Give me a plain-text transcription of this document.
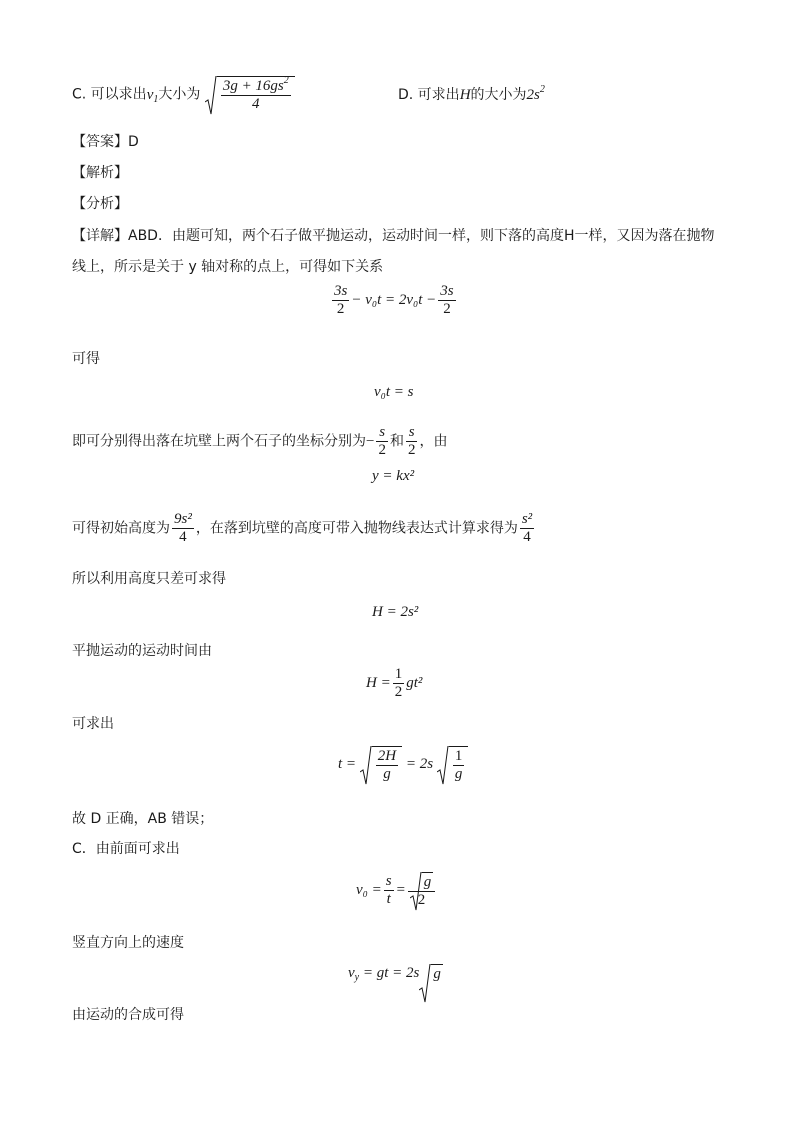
C. 可以求出$v_1$大小为 $\frac{3g + 16gs^2}{4}$	D. 可求出H的大小为$2s^2$
【答案】D
【解析】
【分析】
【详解】ABD．由题可知，两个石子做平抛运动，运动时间一样，则下落的高度H一样，又因为落在抛物
线上，所示是关于 y 轴对称的点上，可得如下关系
$\frac{3s}{2} - v_0t = 2v_0t - \frac{3s}{2}$
可得
v₀t = s
即可分别得出落在坑壁上两个石子的坐标分别为− $\frac{s}{2}$ 和 $\frac{s}{2}$ ，由
y = kx²
可得初始高度为 $\frac{\text{9s²}}{4}$ ，在落到坑壁的高度可带入抛物线表达式计算求得为 $\frac{\text{s²}}{4}$
所以利用高度只差可求得
H = 2s²
平抛运动的运动时间由
$H = \frac{1}{2} gt^2$
可求出
$t = \frac{2H}{g} = 2s \frac{1}{g}$
故 D 正确，AB 错误；
C．由前面可求出
$v_0 = \frac{s}{t} = \frac{g}{2}$
竖直方向上的速度
$v_y$ = gt = 2s g
由运动的合成可得
